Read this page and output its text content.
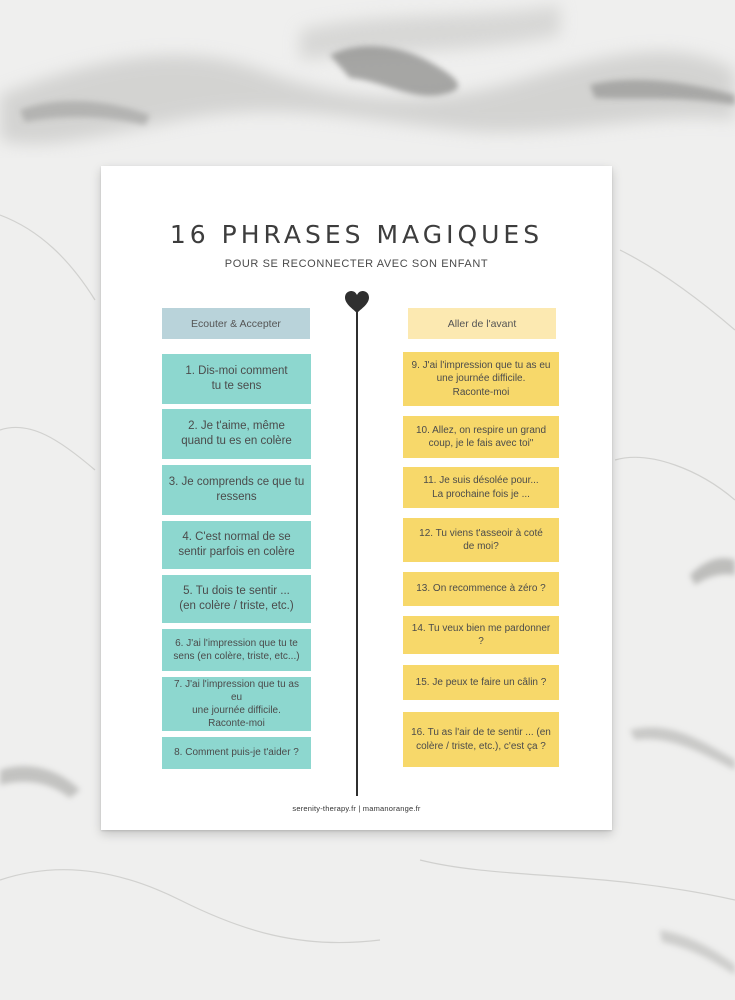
16 PHRASES MAGIQUES

POUR SE RECONNECTER AVEC SON ENFANT

Ecouter & Accepter	Aller de l'avant
1. Dis-moi comment
tu te sens
2. Je t'aime, même
quand tu es en colère
3. Je comprends ce que tu
ressens
4. C'est normal de se
sentir parfois en colère
5. Tu dois te sentir ...
(en colère / triste, etc.)
6. J'ai l'impression que tu te
sens (en colère, triste, etc...)
7. J'ai l'impression que tu as eu
une journée difficile.
Raconte-moi
8. Comment puis-je t'aider ?
9. J'ai l'impression que tu as eu
une journée difficile.
Raconte-moi
10. Allez, on respire un grand
coup, je le fais avec toi"
11. Je suis désolée pour...
La prochaine fois je ...
12. Tu viens t'asseoir à coté
de moi?
13. On recommence à zéro ?
14. Tu veux bien me pardonner ?
15. Je peux te faire un câlin ?
16. Tu as l'air de te sentir ... (en
colère / triste, etc.), c'est ça ?
serenity-therapy.fr | mamanorange.fr
